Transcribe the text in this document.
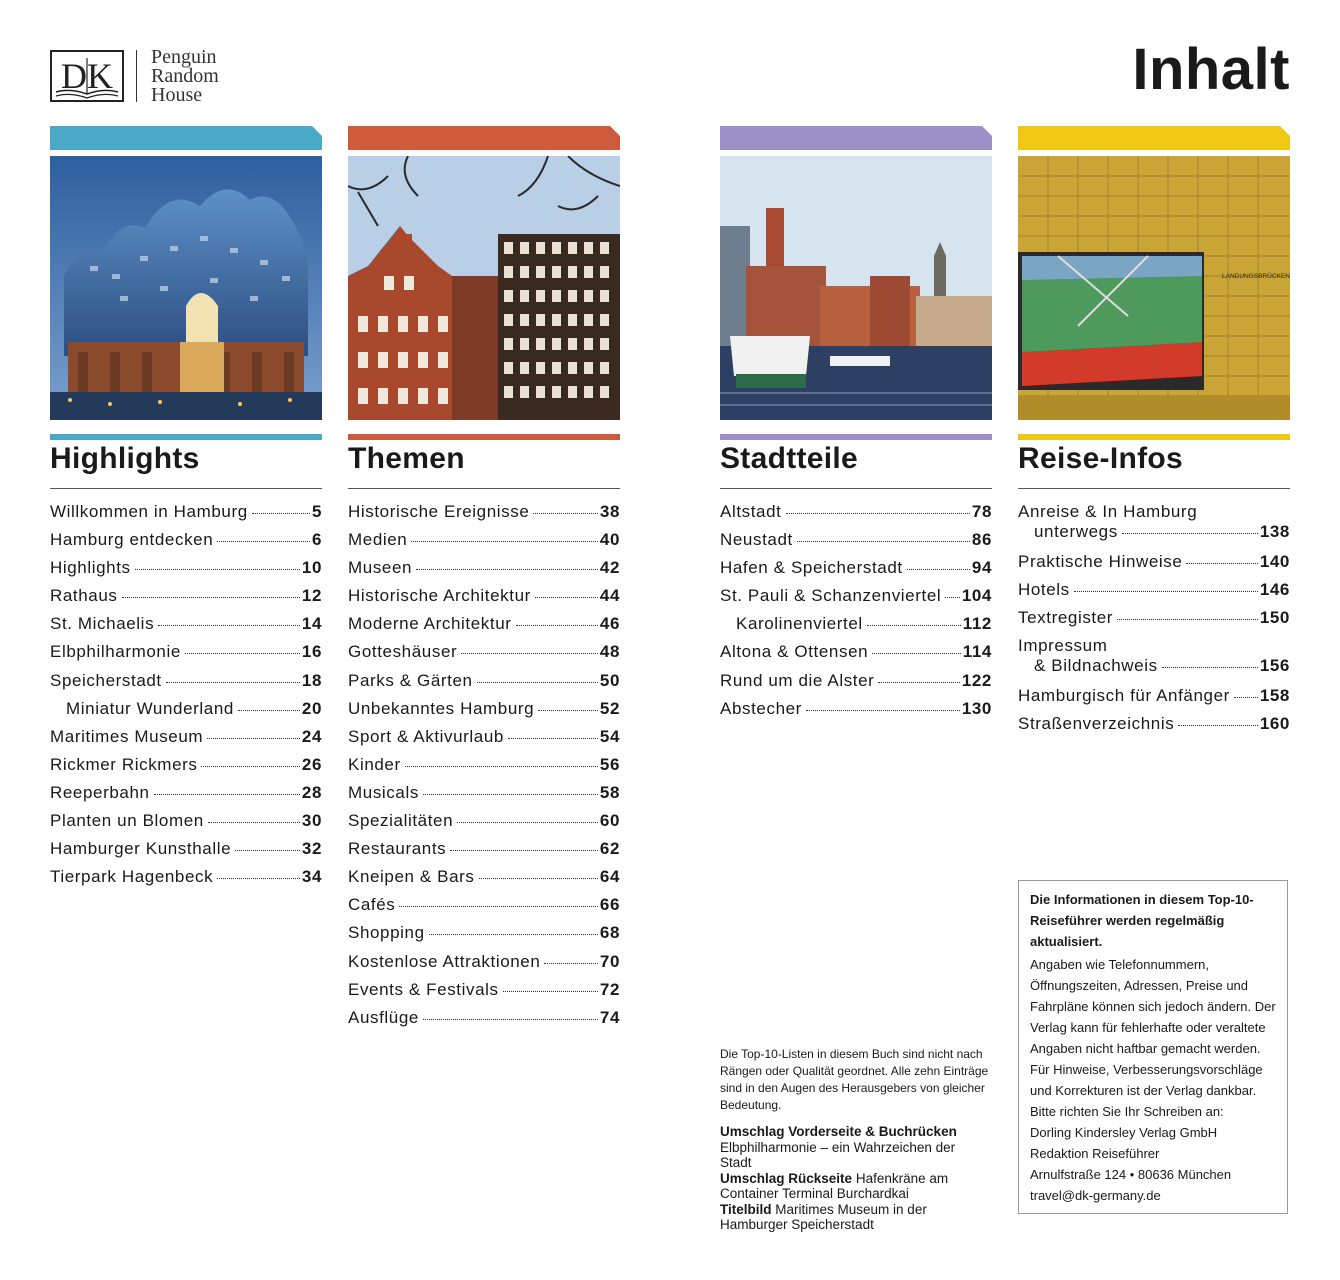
DK Penguin
Random
House	Inhalt
Highlights
Willkommen in Hamburg	5
Hamburg entdecken	6
Highlights	10
Rathaus	12
St. Michaelis	14
Elbphilharmonie	16
Speicherstadt	18
Miniatur Wunderland	20
Maritimes Museum	24
Rickmer Rickmers	26
Reeperbahn	28
Planten un Blomen	30
Hamburger Kunsthalle	32
Tierpark Hagenbeck	34
Themen
Historische Ereignisse	38
Medien	40
Museen	42
Historische Architektur	44
Moderne Architektur	46
Gotteshäuser	48
Parks & Gärten	50
Unbekanntes Hamburg	52
Sport & Aktivurlaub	54
Kinder	56
Musicals	58
Spezialitäten	60
Restaurants	62
Kneipen & Bars	64
Cafés	66
Shopping	68
Kostenlose Attraktionen	70
Events & Festivals	72
Ausflüge	74
Stadtteile
Altstadt	78
Neustadt	86
Hafen & Speicherstadt	94
St. Pauli & Schanzenviertel 104
Karolinenviertel	112
Altona & Ottensen	114
Rund um die Alster	122
Abstecher	130
LANDUNGSBRÜCKEN
Reise-Infos
Anreise & In Hamburg
unterwegs	138
Praktische Hinweise	140
Hotels	146
Textregister	150
Impressum
& Bildnachweis	156
Hamburgisch für Anfänger 158
Straßenverzeichnis	160

Die Top-10-Listen in diesem Buch sind nicht nach Rängen oder Qualität geordnet. Alle zehn Einträge sind in den Augen des Herausgebers von gleicher Bedeutung.

Umschlag Vorderseite & Buchrücken
Elbphilharmonie – ein Wahrzeichen der Stadt
Umschlag Rückseite Hafenkräne am Container Terminal Burchardkai
Titelbild Maritimes Museum in der Hamburger Speicherstadt

Die Informationen in diesem Top-10-Reiseführer werden regelmäßig aktualisiert.

Angaben wie Telefonnummern, Öffnungszeiten, Adressen, Preise und Fahrpläne können sich jedoch ändern. Der Verlag kann für fehlerhafte oder veraltete Angaben nicht haftbar gemacht werden. Für Hinweise, Verbesserungsvorschläge und Korrekturen ist der Verlag dankbar. Bitte richten Sie Ihr Schreiben an:

Dorling Kindersley Verlag GmbH

Redaktion Reiseführer

Arnulfstraße 124 • 80636 München

travel@dk-germany.de
